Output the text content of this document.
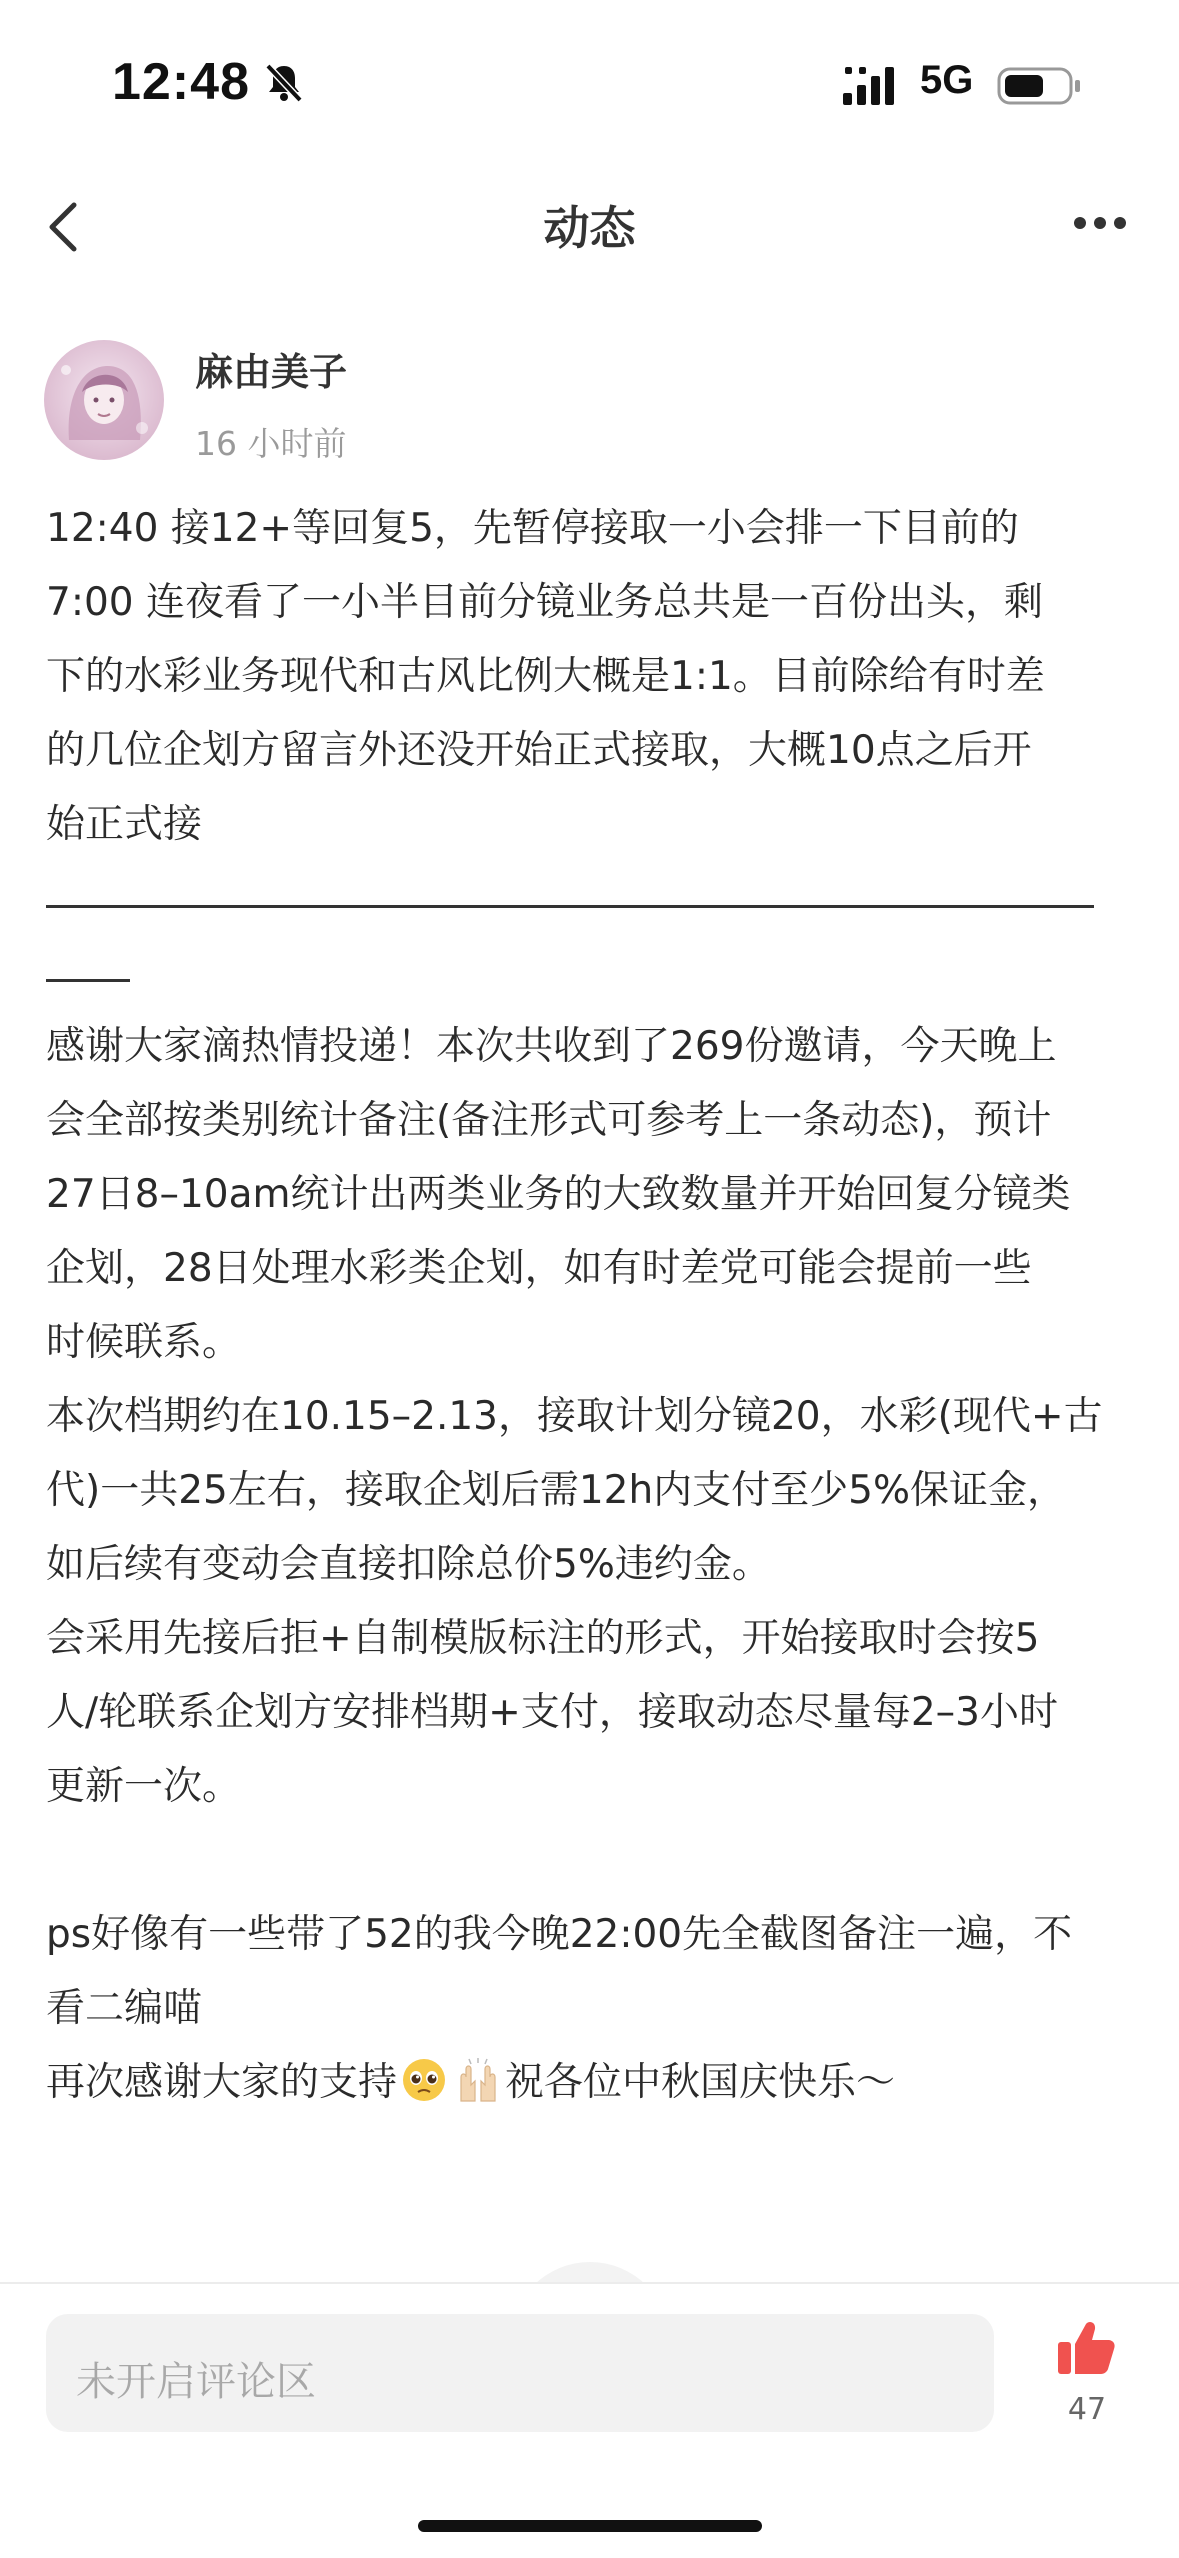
12:48	5G
动态
麻由美子
16 小时前
12:40 接12+等回复5，先暂停接取一小会排一下目前的
7:00 连夜看了一小半目前分镜业务总共是一百份出头，剩
下的水彩业务现代和古风比例大概是1:1。目前除给有时差
的几位企划方留言外还没开始正式接取，大概10点之后开
始正式接
感谢大家滴热情投递！本次共收到了269份邀请，今天晚上
会全部按类别统计备注(备注形式可参考上一条动态)，预计
27日8–10am统计出两类业务的大致数量并开始回复分镜类
企划，28日处理水彩类企划，如有时差党可能会提前一些
时候联系。
本次档期约在10.15–2.13，接取计划分镜20，水彩(现代+古
代)一共25左右，接取企划后需12h内支付至少5%保证金，
如后续有变动会直接扣除总价5%违约金。
会采用先接后拒+自制模版标注的形式，开始接取时会按5
人/轮联系企划方安排档期+支付，接取动态尽量每2–3小时
更新一次。
ps好像有一些带了52的我今晚22:00先全截图备注一遍，不
看二编喵
再次感谢大家的支持	祝各位中秋国庆快乐～
未开启评论区
47
